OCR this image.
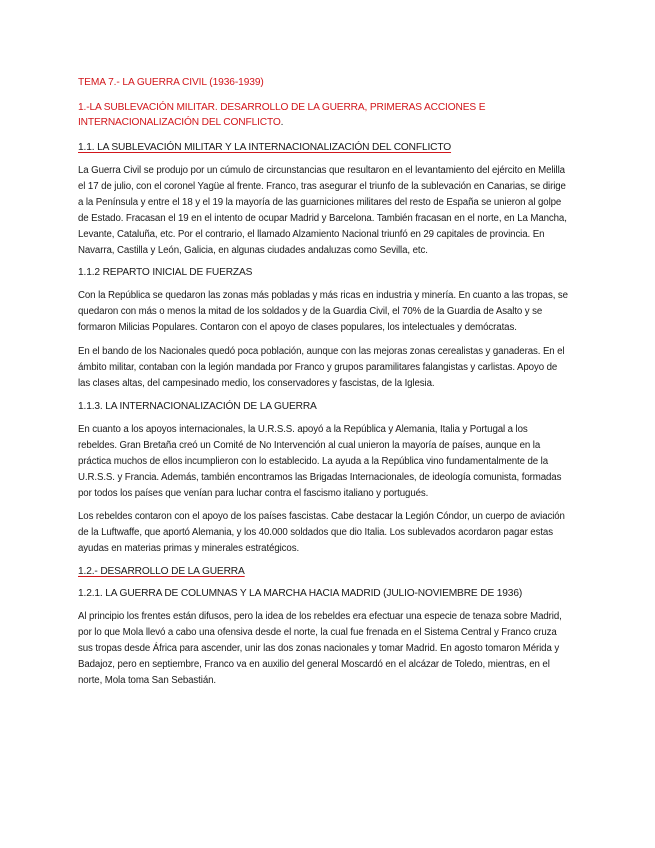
TEMA 7.- LA GUERRA CIVIL (1936-1939)
1.-LA SUBLEVACIÓN MILITAR. DESARROLLO DE LA GUERRA, PRIMERAS ACCIONES E INTERNACIONALIZACIÓN DEL CONFLICTO.
1.1. LA SUBLEVACIÓN MILITAR Y LA INTERNACIONALIZACIÓN DEL CONFLICTO

La Guerra Civil se produjo por un cúmulo de circunstancias que resultaron en el levantamiento del ejército en Melilla el 17 de julio, con el coronel Yagüe al frente. Franco, tras asegurar el triunfo de la sublevación en Canarias, se dirige a la Península y entre el 18 y el 19 la mayoría de las guarniciones militares del resto de España se unieron al golpe de Estado. Fracasan el 19 en el intento de ocupar Madrid y Barcelona. También fracasan en el norte, en La Mancha, Levante, Cataluña, etc. Por el contrario, el llamado Alzamiento Nacional triunfó en 29 capitales de provincia. En Navarra, Castilla y León, Galicia, en algunas ciudades andaluzas como Sevilla, etc.

1.1.2 REPARTO INICIAL DE FUERZAS

Con la República se quedaron las zonas más pobladas y más ricas en industria y minería. En cuanto a las tropas, se quedaron con más o menos la mitad de los soldados y de la Guardia Civil, el 70% de la Guardia de Asalto y se formaron Milicias Populares. Contaron con el apoyo de clases populares, los intelectuales y demócratas.

En el bando de los Nacionales quedó poca población, aunque con las mejoras zonas cerealistas y ganaderas. En el ámbito militar, contaban con la legión mandada por Franco y grupos paramilitares falangistas y carlistas. Apoyo de las clases altas, del campesinado medio, los conservadores y fascistas, de la Iglesia.

1.1.3. LA INTERNACIONALIZACIÓN DE LA GUERRA

En cuanto a los apoyos internacionales, la U.R.S.S. apoyó a la República y Alemania, Italia y Portugal a los rebeldes. Gran Bretaña creó un Comité de No Intervención al cual unieron la mayoría de países, aunque en la práctica muchos de ellos incumplieron con lo establecido. La ayuda a la República vino fundamentalmente de la U.R.S.S. y Francia. Además, también encontramos las Brigadas Internacionales, de ideología comunista, formadas por todos los países que venían para luchar contra el fascismo italiano y portugués.

Los rebeldes contaron con el apoyo de los países fascistas. Cabe destacar la Legión Cóndor, un cuerpo de aviación de la Luftwaffe, que aportó Alemania, y los 40.000 soldados que dio Italia. Los sublevados acordaron pagar estas ayudas en materias primas y minerales estratégicos.

1.2.- DESARROLLO DE LA GUERRA
1.2.1. LA GUERRA DE COLUMNAS Y LA MARCHA HACIA MADRID (JULIO-NOVIEMBRE DE 1936)

Al principio los frentes están difusos, pero la idea de los rebeldes era efectuar una especie de tenaza sobre Madrid, por lo que Mola llevó a cabo una ofensiva desde el norte, la cual fue frenada en el Sistema Central y Franco cruza sus tropas desde África para ascender, unir las dos zonas nacionales y tomar Madrid. En agosto tomaron Mérida y Badajoz, pero en septiembre, Franco va en auxilio del general Moscardó en el alcázar de Toledo, mientras, en el norte, Mola toma San Sebastián.
